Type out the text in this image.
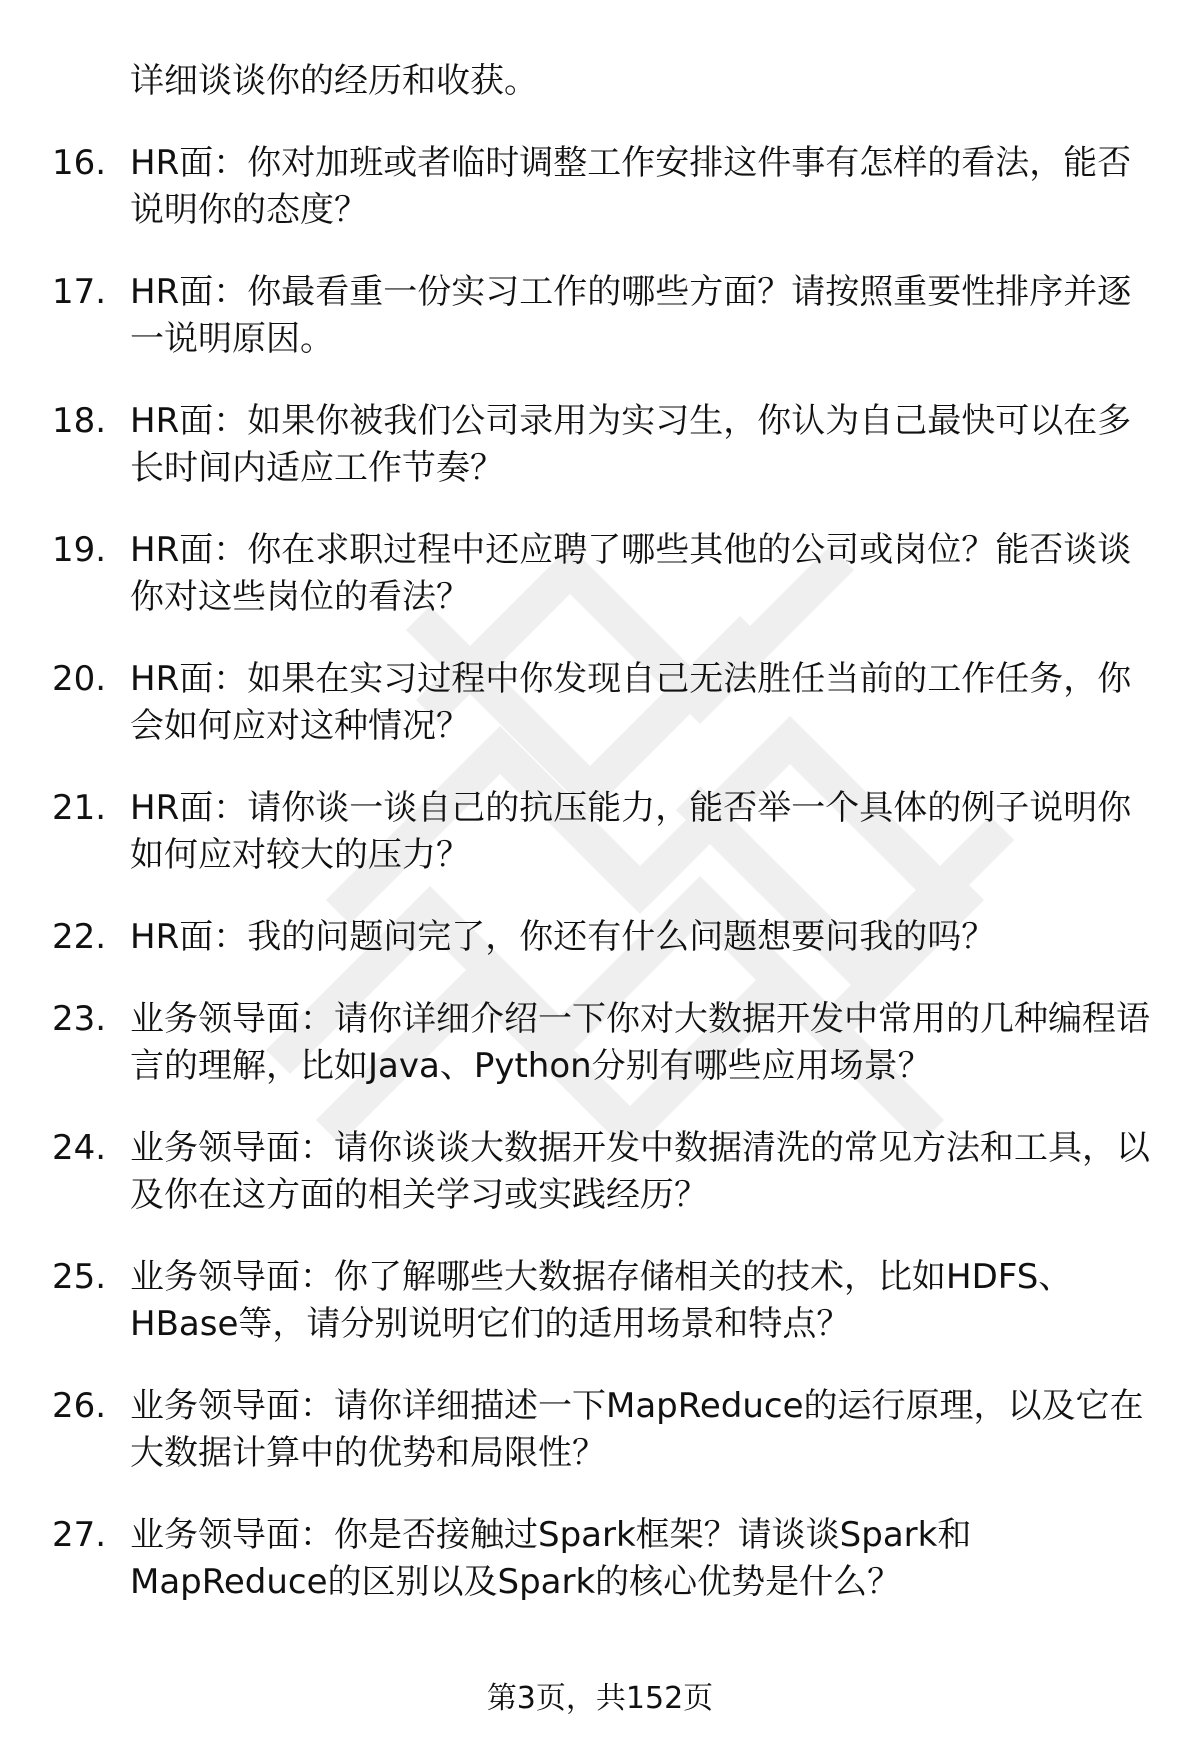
详细谈谈你的经历和收获。
16. HR面：你对加班或者临时调整工作安排这件事有怎样的看法，能否说明你的态度？
17. HR面：你最看重一份实习工作的哪些方面？请按照重要性排序并逐一说明原因。
18. HR面：如果你被我们公司录用为实习生，你认为自己最快可以在多长时间内适应工作节奏？
19. HR面：你在求职过程中还应聘了哪些其他的公司或岗位？能否谈谈你对这些岗位的看法？
20. HR面：如果在实习过程中你发现自己无法胜任当前的工作任务，你会如何应对这种情况？
21. HR面：请你谈一谈自己的抗压能力，能否举一个具体的例子说明你如何应对较大的压力？
22. HR面：我的问题问完了，你还有什么问题想要问我的吗？
23. 业务领导面：请你详细介绍一下你对大数据开发中常用的几种编程语言的理解，比如Java、Python分别有哪些应用场景？
24. 业务领导面：请你谈谈大数据开发中数据清洗的常见方法和工具，以及你在这方面的相关学习或实践经历？
25. 业务领导面：你了解哪些大数据存储相关的技术，比如HDFS、HBase等，请分别说明它们的适用场景和特点？
26. 业务领导面：请你详细描述一下MapReduce的运行原理，以及它在大数据计算中的优势和局限性？
27. 业务领导面：你是否接触过Spark框架？请谈谈Spark和MapReduce的区别以及Spark的核心优势是什么？
第3页，共152页
